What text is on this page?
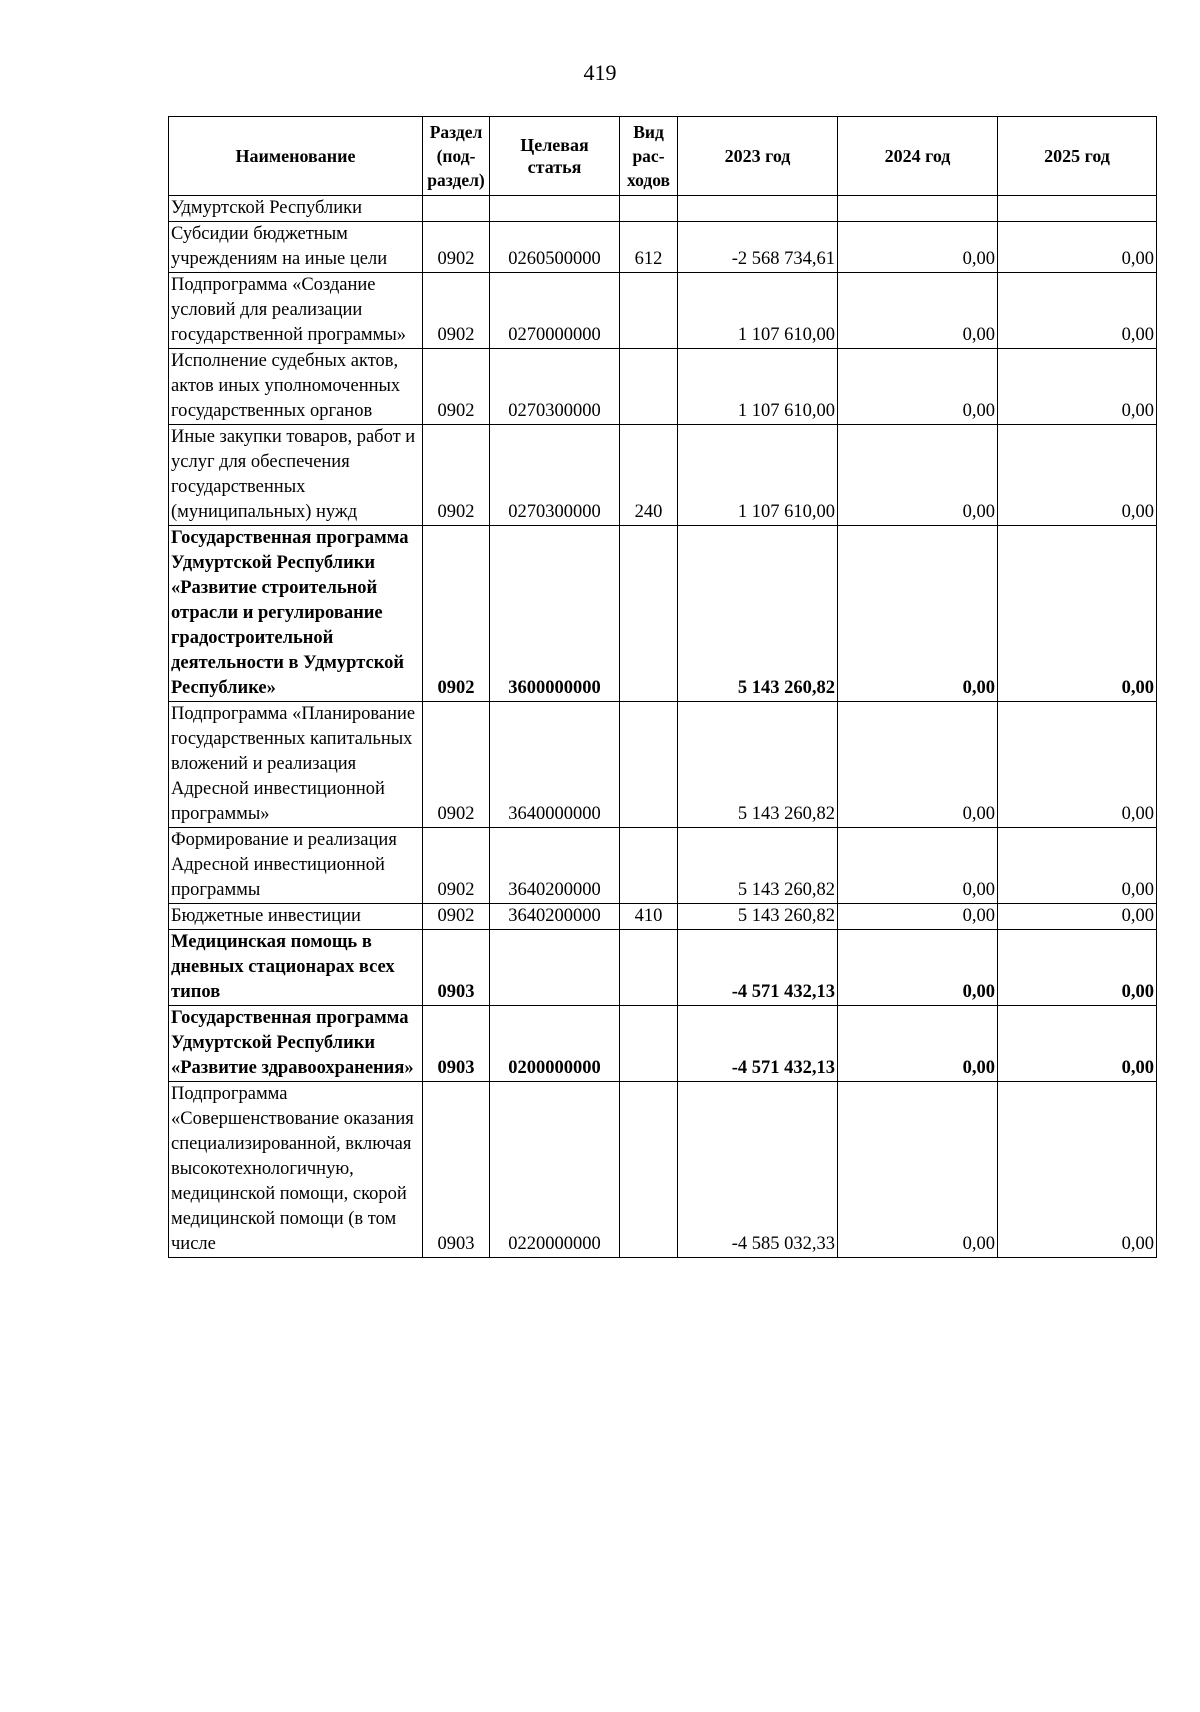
419
Наименование	Раздел (под-раздел)	Целевая статья	Вид рас-ходов	2023 год	2024 год	2025 год
Удмуртской Республики						
Субсидии бюджетным учреждениям на иные цели	0902	0260500000	612	-2 568 734,61	0,00	0,00
Подпрограмма «Создание условий для реализации государственной программы»	0902	0270000000		1 107 610,00	0,00	0,00
Исполнение судебных актов, актов иных уполномоченных государственных органов	0902	0270300000		1 107 610,00	0,00	0,00
Иные закупки товаров, работ и услуг для обеспечения государственных (муниципальных) нужд	0902	0270300000	240	1 107 610,00	0,00	0,00
Государственная программа Удмуртской Республики «Развитие строительной отрасли и регулирование градостроительной деятельности в Удмуртской Республике»	0902	3600000000		5 143 260,82	0,00	0,00
Подпрограмма «Планирование государственных капитальных вложений и реализация Адресной инвестиционной программы»	0902	3640000000		5 143 260,82	0,00	0,00
Формирование и реализация Адресной инвестиционной программы	0902	3640200000		5 143 260,82	0,00	0,00
Бюджетные инвестиции	0902	3640200000	410	5 143 260,82	0,00	0,00
Медицинская помощь в дневных стационарах всех типов	0903			-4 571 432,13	0,00	0,00
Государственная программа Удмуртской Республики «Развитие здравоохранения»	0903	0200000000		-4 571 432,13	0,00	0,00
Подпрограмма «Совершенствование оказания специализированной, включая высокотехнологичную, медицинской помощи, скорой медицинской помощи (в том числе	0903	0220000000		-4 585 032,33	0,00	0,00
